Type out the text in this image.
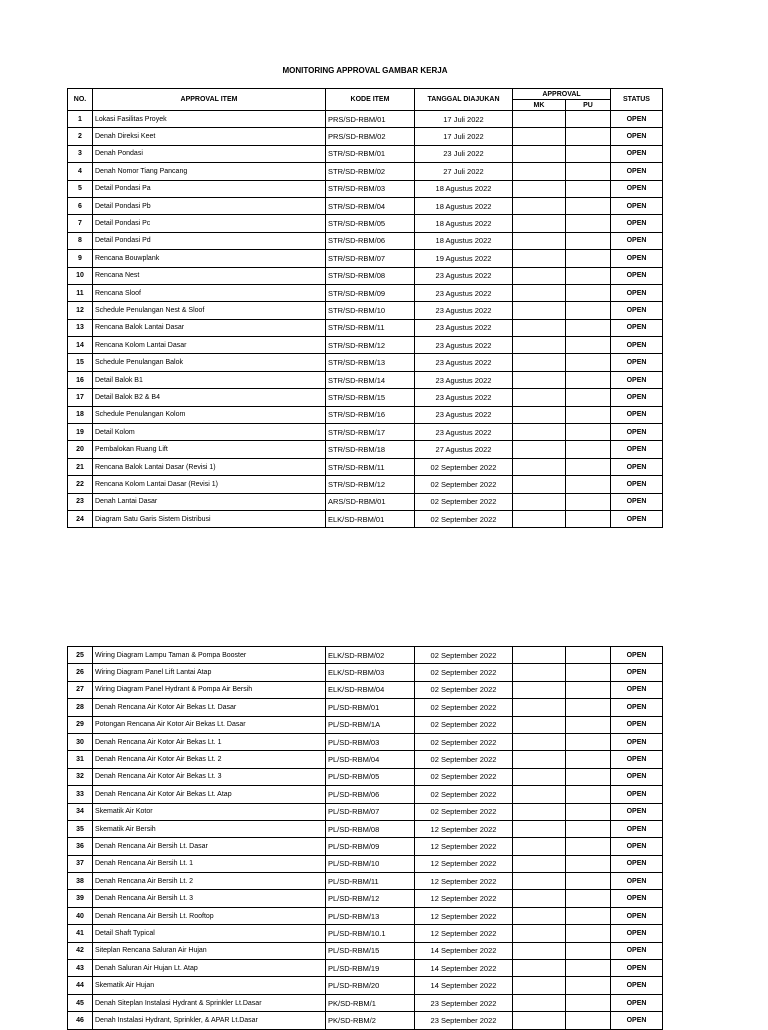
MONITORING APPROVAL GAMBAR KERJA
NO.	APPROVAL ITEM	KODE ITEM	TANGGAL DIAJUKAN	APPROVAL		STATUS
				MK	PU	
1	Lokasi Fasilitas Proyek	PRS/SD-RBM/01	17 Juli 2022			OPEN
2	Denah Direksi Keet	PRS/SD-RBM/02	17 Juli 2022			OPEN
3	Denah Pondasi	STR/SD-RBM/01	23 Juli 2022			OPEN
4	Denah Nomor Tiang Pancang	STR/SD-RBM/02	27 Juli 2022			OPEN
5	Detail Pondasi Pa	STR/SD-RBM/03	18 Agustus 2022			OPEN
6	Detail Pondasi Pb	STR/SD-RBM/04	18 Agustus 2022			OPEN
7	Detail Pondasi Pc	STR/SD-RBM/05	18 Agustus 2022			OPEN
8	Detail Pondasi Pd	STR/SD-RBM/06	18 Agustus 2022			OPEN
9	Rencana Bouwplank	STR/SD-RBM/07	19 Agustus 2022			OPEN
10	Rencana Nest	STR/SD-RBM/08	23 Agustus 2022			OPEN
11	Rencana Sloof	STR/SD-RBM/09	23 Agustus 2022			OPEN
12	Schedule Penulangan Nest & Sloof	STR/SD-RBM/10	23 Agustus 2022			OPEN
13	Rencana Balok Lantai Dasar	STR/SD-RBM/11	23 Agustus 2022			OPEN
14	Rencana Kolom Lantai Dasar	STR/SD-RBM/12	23 Agustus 2022			OPEN
15	Schedule Penulangan Balok	STR/SD-RBM/13	23 Agustus 2022			OPEN
16	Detail Balok B1	STR/SD-RBM/14	23 Agustus 2022			OPEN
17	Detail Balok B2 & B4	STR/SD-RBM/15	23 Agustus 2022			OPEN
18	Schedule Penulangan Kolom	STR/SD-RBM/16	23 Agustus 2022			OPEN
19	Detail Kolom	STR/SD-RBM/17	23 Agustus 2022			OPEN
20	Pembalokan Ruang Lift	STR/SD-RBM/18	27 Agustus 2022			OPEN
21	Rencana Balok Lantai Dasar (Revisi 1)	STR/SD-RBM/11	02 September 2022			OPEN
22	Rencana Kolom Lantai Dasar (Revisi 1)	STR/SD-RBM/12	02 September 2022			OPEN
23	Denah Lantai Dasar	ARS/SD-RBM/01	02 September 2022			OPEN
24	Diagram Satu Garis Sistem Distribusi	ELK/SD-RBM/01	02 September 2022			OPEN
25	Wiring Diagram Lampu Taman & Pompa Booster	ELK/SD-RBM/02	02 September 2022			OPEN
26	Wiring Diagram Panel Lift Lantai Atap	ELK/SD-RBM/03	02 September 2022			OPEN
27	Wiring Diagram Panel Hydrant & Pompa Air Bersih	ELK/SD-RBM/04	02 September 2022			OPEN
28	Denah Rencana Air Kotor Air Bekas Lt. Dasar	PL/SD-RBM/01	02 September 2022			OPEN
29	Potongan Rencana Air Kotor Air Bekas Lt. Dasar	PL/SD-RBM/1A	02 September 2022			OPEN
30	Denah Rencana Air Kotor Air Bekas Lt. 1	PL/SD-RBM/03	02 September 2022			OPEN
31	Denah Rencana Air Kotor Air Bekas Lt. 2	PL/SD-RBM/04	02 September 2022			OPEN
32	Denah Rencana Air Kotor Air Bekas Lt. 3	PL/SD-RBM/05	02 September 2022			OPEN
33	Denah Rencana Air Kotor Air Bekas Lt. Atap	PL/SD-RBM/06	02 September 2022			OPEN
34	Skematik Air Kotor	PL/SD-RBM/07	02 September 2022			OPEN
35	Skematik Air Bersih	PL/SD-RBM/08	12 September 2022			OPEN
36	Denah Rencana Air Bersih Lt. Dasar	PL/SD-RBM/09	12 September 2022			OPEN
37	Denah Rencana Air Bersih Lt. 1	PL/SD-RBM/10	12 September 2022			OPEN
38	Denah Rencana Air Bersih Lt. 2	PL/SD-RBM/11	12 September 2022			OPEN
39	Denah Rencana Air Bersih Lt. 3	PL/SD-RBM/12	12 September 2022			OPEN
40	Denah Rencana Air Bersih Lt. Rooftop	PL/SD-RBM/13	12 September 2022			OPEN
41	Detail Shaft Typical	PL/SD-RBM/10.1	12 September 2022			OPEN
42	Siteplan Rencana Saluran Air Hujan	PL/SD-RBM/15	14 September 2022			OPEN
43	Denah Saluran Air Hujan Lt. Atap	PL/SD-RBM/19	14 September 2022			OPEN
44	Skematik Air Hujan	PL/SD-RBM/20	14 September 2022			OPEN
45	Denah Siteplan Instalasi Hydrant & Sprinkler Lt.Dasar	PK/SD-RBM/1	23 September 2022			OPEN
46	Denah Instalasi Hydrant, Sprinkler, & APAR Lt.Dasar	PK/SD-RBM/2	23 September 2022			OPEN
